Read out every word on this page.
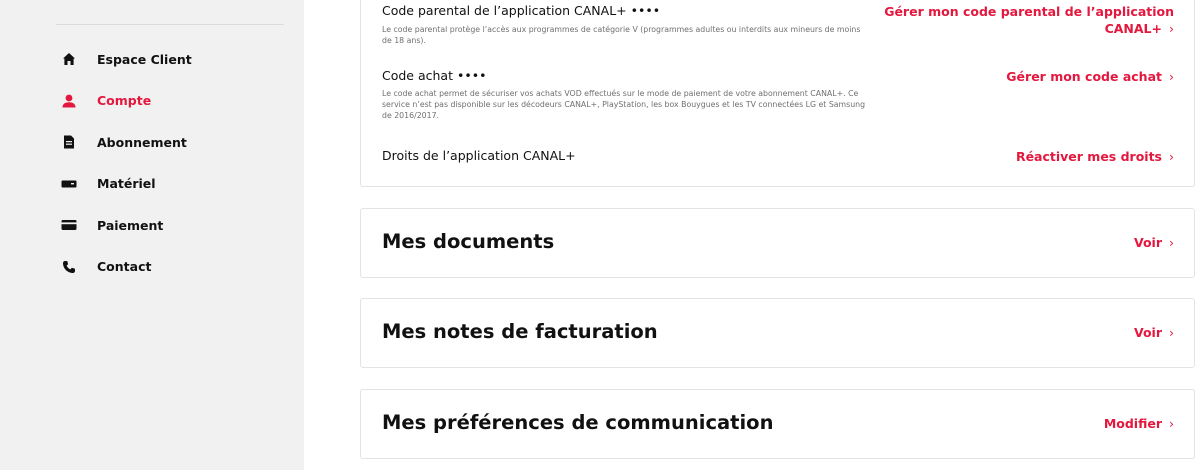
Espace Client
Compte
Abonnement
Matériel
Paiement
Contact
Code parental de l’application CANAL+ ••••
Le code parental protège l’accès aux programmes de catégorie V (programmes adultes ou interdits aux mineurs de moins de 18 ans).
Gérer mon code parental de l’application
CANAL+ ›
Code achat ••••
Le code achat permet de sécuriser vos achats VOD effectués sur le mode de paiement de votre abonnement CANAL+. Ce service n’est pas disponible sur les décodeurs CANAL+, PlayStation, les box Bouygues et les TV connectées LG et Samsung de 2016/2017.
Gérer mon code achat ›
Droits de l’application CANAL+	Réactiver mes droits ›
Mes documents	Voir ›
Mes notes de facturation	Voir ›
Mes préférences de communication	Modifier ›
